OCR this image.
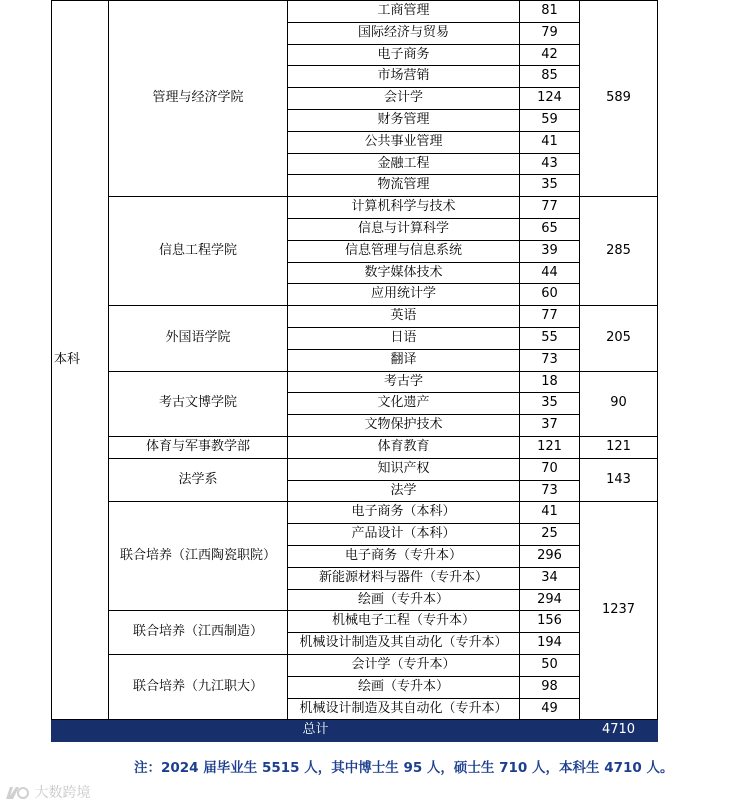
本科	管理与经济学院	工商管理	81	589
		国际经济与贸易	79	
		电子商务	42	
		市场营销	85	
		会计学	124	
		财务管理	59	
		公共事业管理	41	
		金融工程	43	
		物流管理	35	
	信息工程学院	计算机科学与技术	77	285
		信息与计算科学	65	
		信息管理与信息系统	39	
		数字媒体技术	44	
		应用统计学	60	
	外国语学院	英语	77	205
		日语	55	
		翻译	73	
	考古文博学院	考古学	18	90
		文化遗产	35	
		文物保护技术	37	
	体育与军事教学部	体育教育	121	121
	法学系	知识产权	70	143
		法学	73	
	联合培养（江西陶瓷职院）	电子商务（本科）	41	1237
		产品设计（本科）	25	
		电子商务（专升本）	296	
		新能源材料与器件（专升本）	34	
		绘画（专升本）	294	
	联合培养（江西制造）	机械电子工程（专升本）	156	
		机械设计制造及其自动化（专升本）	194	
	联合培养（九江职大）	会计学（专升本）	50	
		绘画（专升本）	98	
		机械设计制造及其自动化（专升本）	49	
总计				4710
注：2024 届毕业生 5515 人，其中博士生 95 人，硕士生 710 人，本科生 4710 人。
大数跨境
